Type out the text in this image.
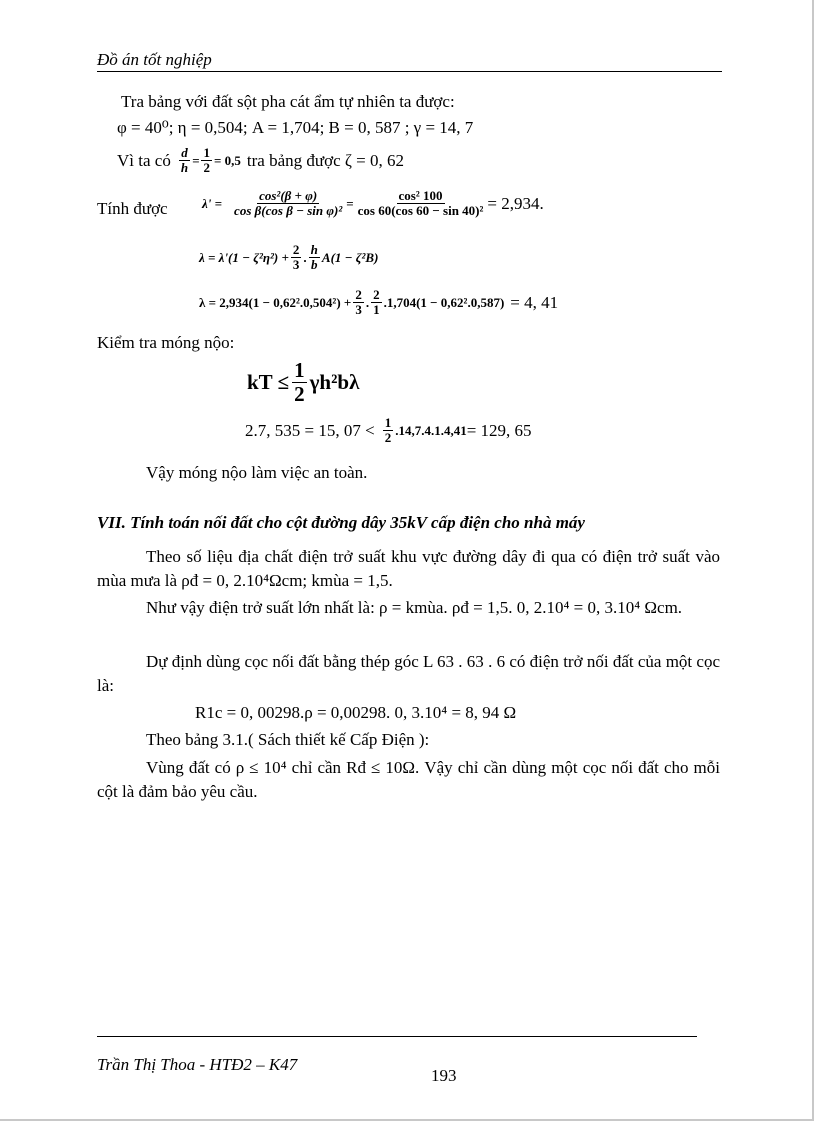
Đồ án tốt nghiệp
Tra bảng với đất sột pha cát ẩm tự nhiên ta được:
φ = 40⁰; η = 0,504; A = 1,704; B = 0, 587 ; γ = 14, 7
Vì ta có $\frac{d}{h} = \frac{1}{2} = 0,5$ tra bảng được ζ = 0, 62
Tính được	$\lambda' = \frac{\text{cos²(β + φ)}}{\text{cos β(cos β − sin φ)²}} = \frac{\text{cos² 100}}{\text{cos 60(cos 60 − sin 40)²}} = 2,934$.
$\lambda = \lambda'(1 - \zeta^2\eta^2) + \frac{2}{3}$ . $\frac{h}{b} A(1 - \zeta^2B)$
$\lambda = 2,934(1 - 0,62^2.0,504^2) + \frac{2}{3}$ . $\frac{2}{1}$ . 1,704(1 − 0,62².0,587) = 4, 41
Kiểm tra móng nộo:
kT ≤ $\frac{1}{2} \gamma h^2b\lambda$
2.7, 535 = 15, $07 < \frac{1}{2}$ . 14,7.4.1.4,41 = 129, 65
Vậy móng nộo làm việc an toàn.
VII. Tính toán nối đất cho cột đường dây 35kV cấp điện cho nhà máy
Theo số liệu địa chất điện trở suất khu vực đường dây đi qua có điện trở suất vào mùa mưa là ρđ = 0, 2.10⁴Ωcm; kmùa = 1,5.
Như vậy điện trở suất lớn nhất là: ρ = kmùa. ρđ = 1,5. 0, 2.10⁴ = 0, 3.10⁴ Ωcm.
Dự định dùng cọc nối đất bằng thép góc L 63 . 63 . 6 có điện trở nối đất của một cọc là:
R1c = 0, 00298.ρ = 0,00298. 0, 3.10⁴ = 8, 94 Ω
Theo bảng 3.1.( Sách thiết kế Cấp Điện ):
Vùng đất có ρ ≤ 10⁴ chỉ cần Rđ ≤ 10Ω. Vậy chỉ cần dùng một cọc nối đất cho mỗi cột là đảm bảo yêu cầu.
Trần Thị Thoa - HTĐ2 – K47
193
